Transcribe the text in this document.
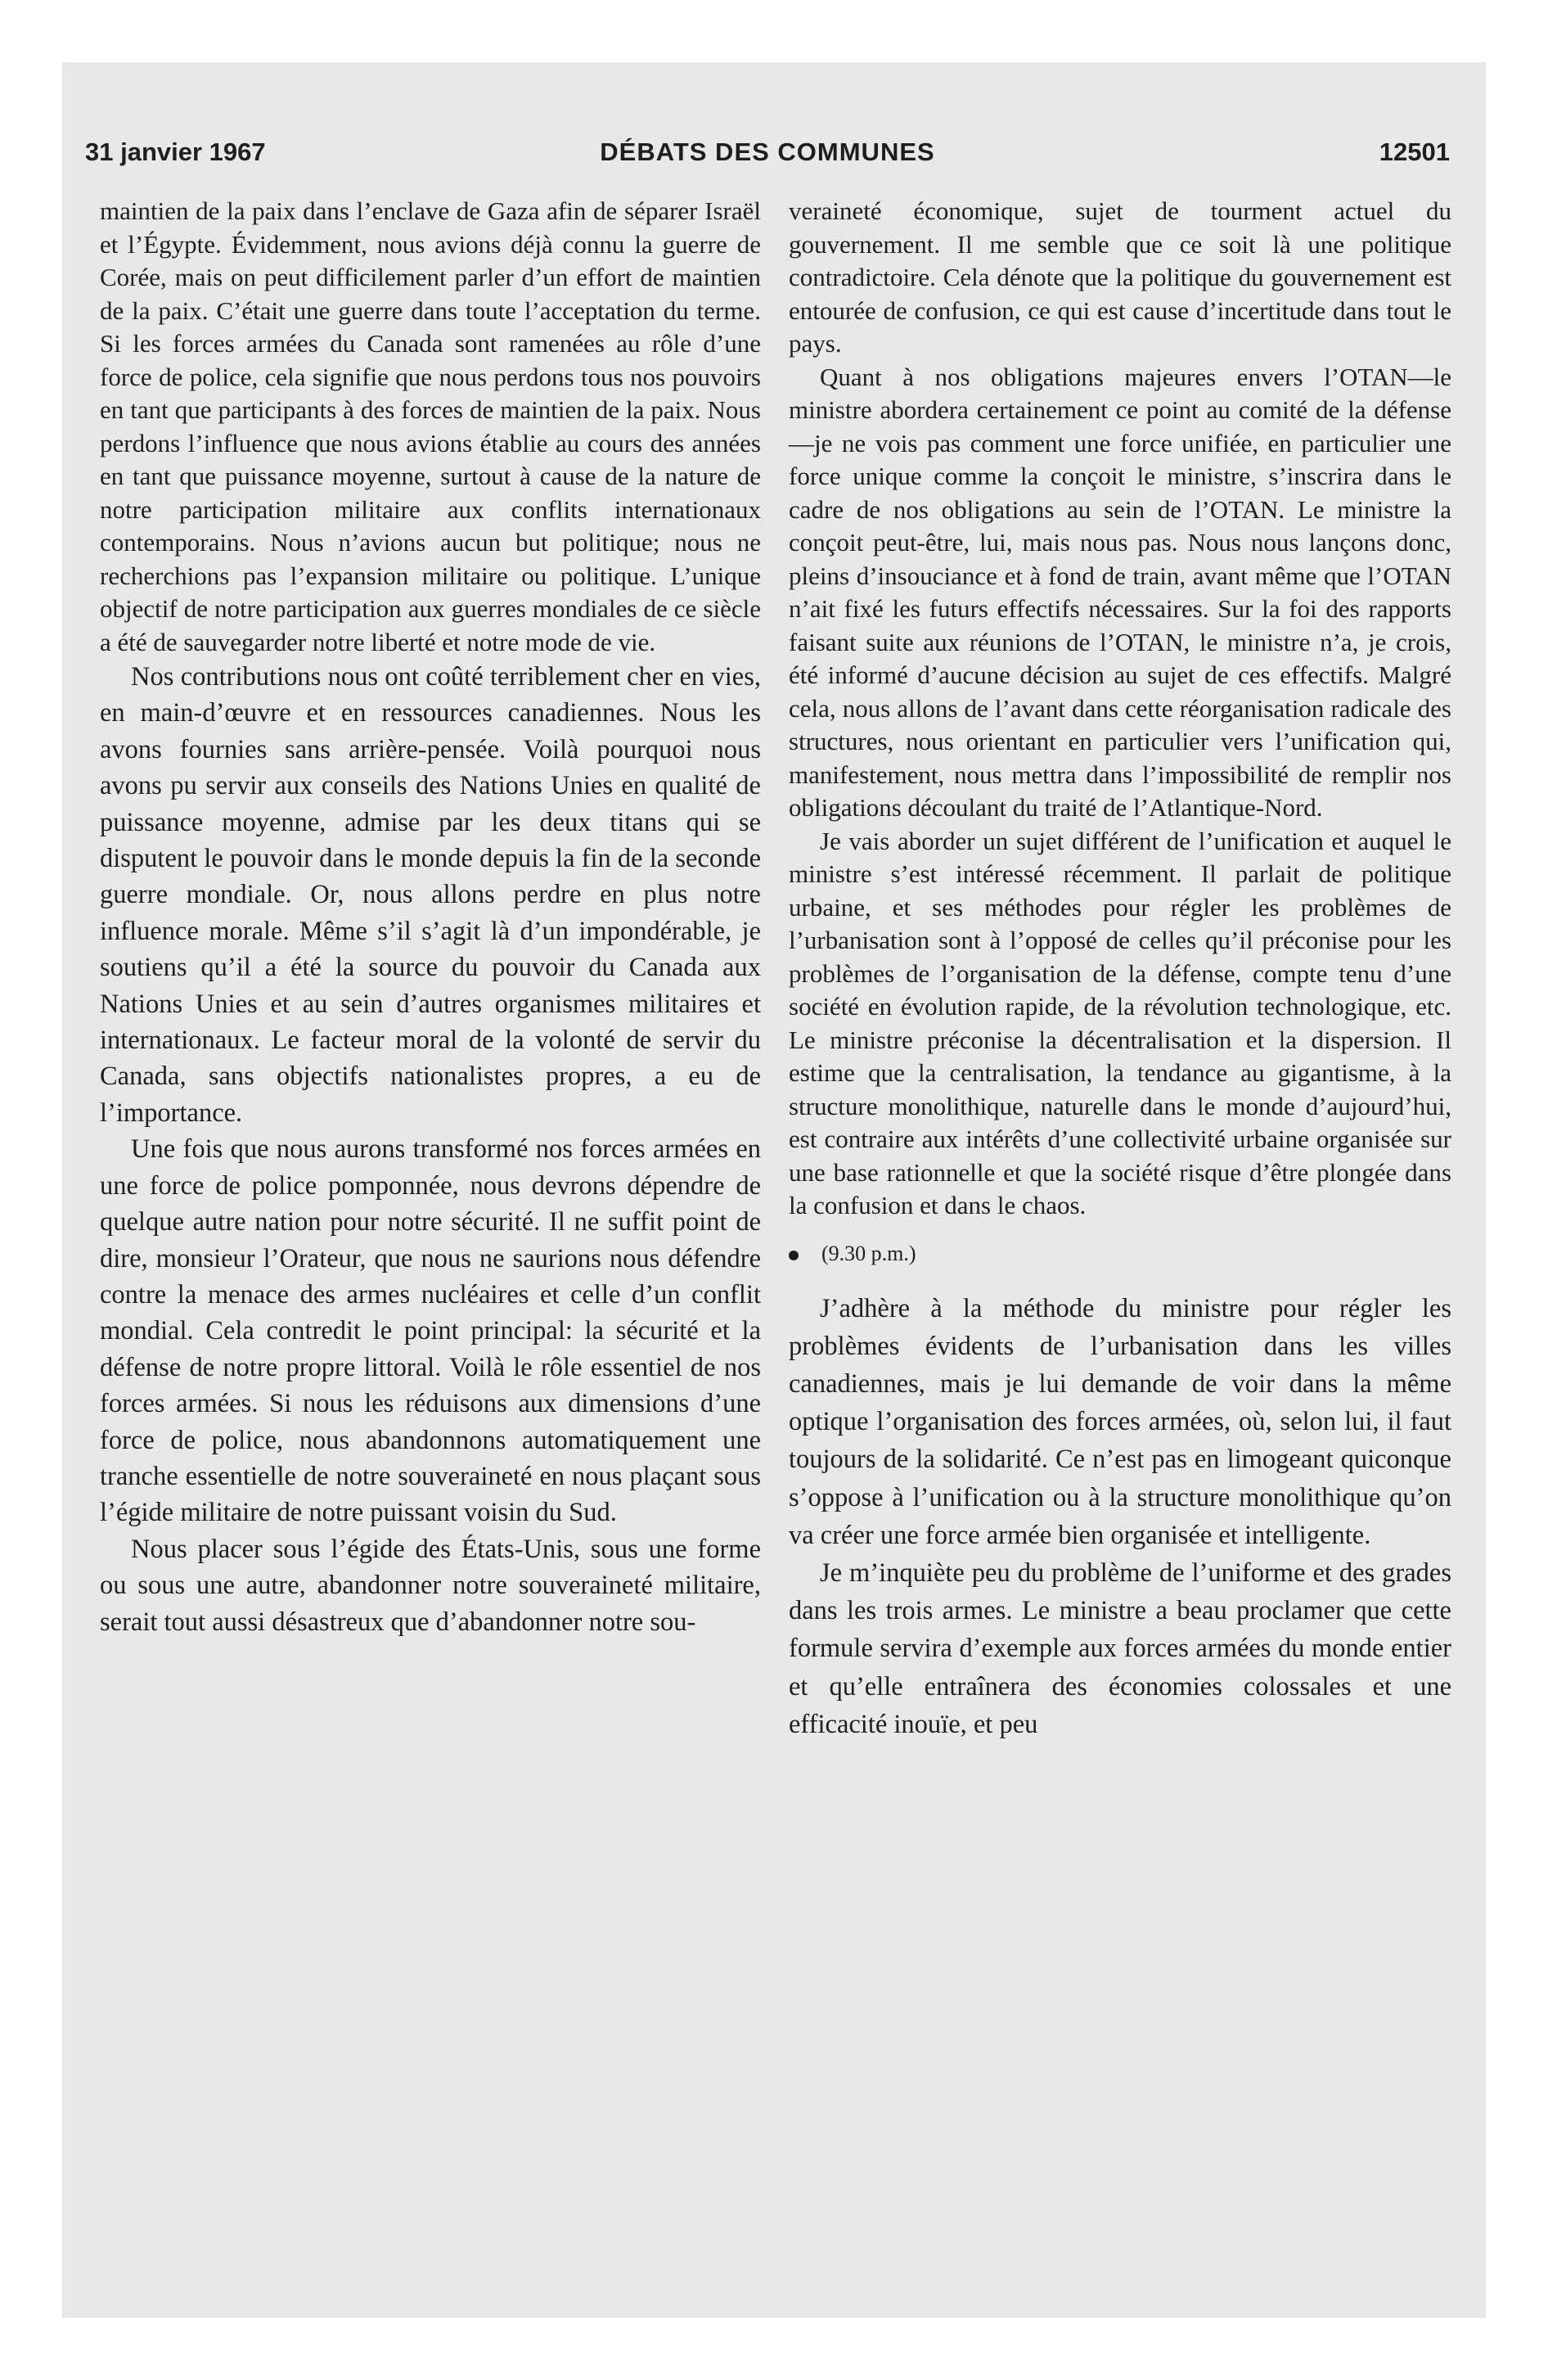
31 janvier 1967	DÉBATS DES COMMUNES	12501

maintien de la paix dans l’enclave de Gaza afin de séparer Israël et l’Égypte. Évidemment, nous avions déjà connu la guerre de Corée, mais on peut difficilement parler d’un effort de maintien de la paix. C’était une guerre dans toute l’acceptation du terme. Si les forces armées du Canada sont ramenées au rôle d’une force de police, cela signifie que nous perdons tous nos pouvoirs en tant que participants à des forces de maintien de la paix. Nous perdons l’influence que nous avions établie au cours des années en tant que puissance moyenne, surtout à cause de la nature de notre participation militaire aux conflits internationaux contemporains. Nous n’avions aucun but politique; nous ne recherchions pas l’expansion militaire ou politique. L’unique objectif de notre participation aux guerres mondiales de ce siècle a été de sauvegarder notre liberté et notre mode de vie.

Nos contributions nous ont coûté terriblement cher en vies, en main-d’œuvre et en ressources canadiennes. Nous les avons fournies sans arrière-pensée. Voilà pourquoi nous avons pu servir aux conseils des Nations Unies en qualité de puissance moyenne, admise par les deux titans qui se disputent le pouvoir dans le monde depuis la fin de la seconde guerre mondiale. Or, nous allons perdre en plus notre influence morale. Même s’il s’agit là d’un impondérable, je soutiens qu’il a été la source du pouvoir du Canada aux Nations Unies et au sein d’autres organismes militaires et internationaux. Le facteur moral de la volonté de servir du Canada, sans objectifs nationalistes propres, a eu de l’importance.

Une fois que nous aurons transformé nos forces armées en une force de police pomponnée, nous devrons dépendre de quelque autre nation pour notre sécurité. Il ne suffit point de dire, monsieur l’Orateur, que nous ne saurions nous défendre contre la menace des armes nucléaires et celle d’un conflit mondial. Cela contredit le point principal: la sécurité et la défense de notre propre littoral. Voilà le rôle essentiel de nos forces armées. Si nous les réduisons aux dimensions d’une force de police, nous abandonnons automatiquement une tranche essentielle de notre souveraineté en nous plaçant sous l’égide militaire de notre puissant voisin du Sud.

Nous placer sous l’égide des États-Unis, sous une forme ou sous une autre, abandonner notre souveraineté militaire, serait tout aussi désastreux que d’abandonner notre sou-

veraineté économique, sujet de tourment actuel du gouvernement. Il me semble que ce soit là une politique contradictoire. Cela dénote que la politique du gouvernement est entourée de confusion, ce qui est cause d’incertitude dans tout le pays.

Quant à nos obligations majeures envers l’OTAN—le ministre abordera certainement ce point au comité de la défense—je ne vois pas comment une force unifiée, en particulier une force unique comme la conçoit le ministre, s’inscrira dans le cadre de nos obligations au sein de l’OTAN. Le ministre la conçoit peut-être, lui, mais nous pas. Nous nous lançons donc, pleins d’insouciance et à fond de train, avant même que l’OTAN n’ait fixé les futurs effectifs nécessaires. Sur la foi des rapports faisant suite aux réunions de l’OTAN, le ministre n’a, je crois, été informé d’aucune décision au sujet de ces effectifs. Malgré cela, nous allons de l’avant dans cette réorganisation radicale des structures, nous orientant en particulier vers l’unification qui, manifestement, nous mettra dans l’impossibilité de remplir nos obligations découlant du traité de l’Atlantique-Nord.

Je vais aborder un sujet différent de l’unification et auquel le ministre s’est intéressé récemment. Il parlait de politique urbaine, et ses méthodes pour régler les problèmes de l’urbanisation sont à l’opposé de celles qu’il préconise pour les problèmes de l’organisation de la défense, compte tenu d’une société en évolution rapide, de la révolution technologique, etc. Le ministre préconise la décentralisation et la dispersion. Il estime que la centralisation, la tendance au gigantisme, à la structure monolithique, naturelle dans le monde d’aujourd’hui, est contraire aux intérêts d’une collectivité urbaine organisée sur une base rationnelle et que la société risque d’être plongée dans la confusion et dans le chaos.

(9.30 p.m.)

J’adhère à la méthode du ministre pour régler les problèmes évidents de l’urbanisation dans les villes canadiennes, mais je lui demande de voir dans la même optique l’organisation des forces armées, où, selon lui, il faut toujours de la solidarité. Ce n’est pas en limogeant quiconque s’oppose à l’unification ou à la structure monolithique qu’on va créer une force armée bien organisée et intelligente.

Je m’inquiète peu du problème de l’uniforme et des grades dans les trois armes. Le ministre a beau proclamer que cette formule servira d’exemple aux forces armées du monde entier et qu’elle entraînera des économies colossales et une efficacité inouïe, et peu
